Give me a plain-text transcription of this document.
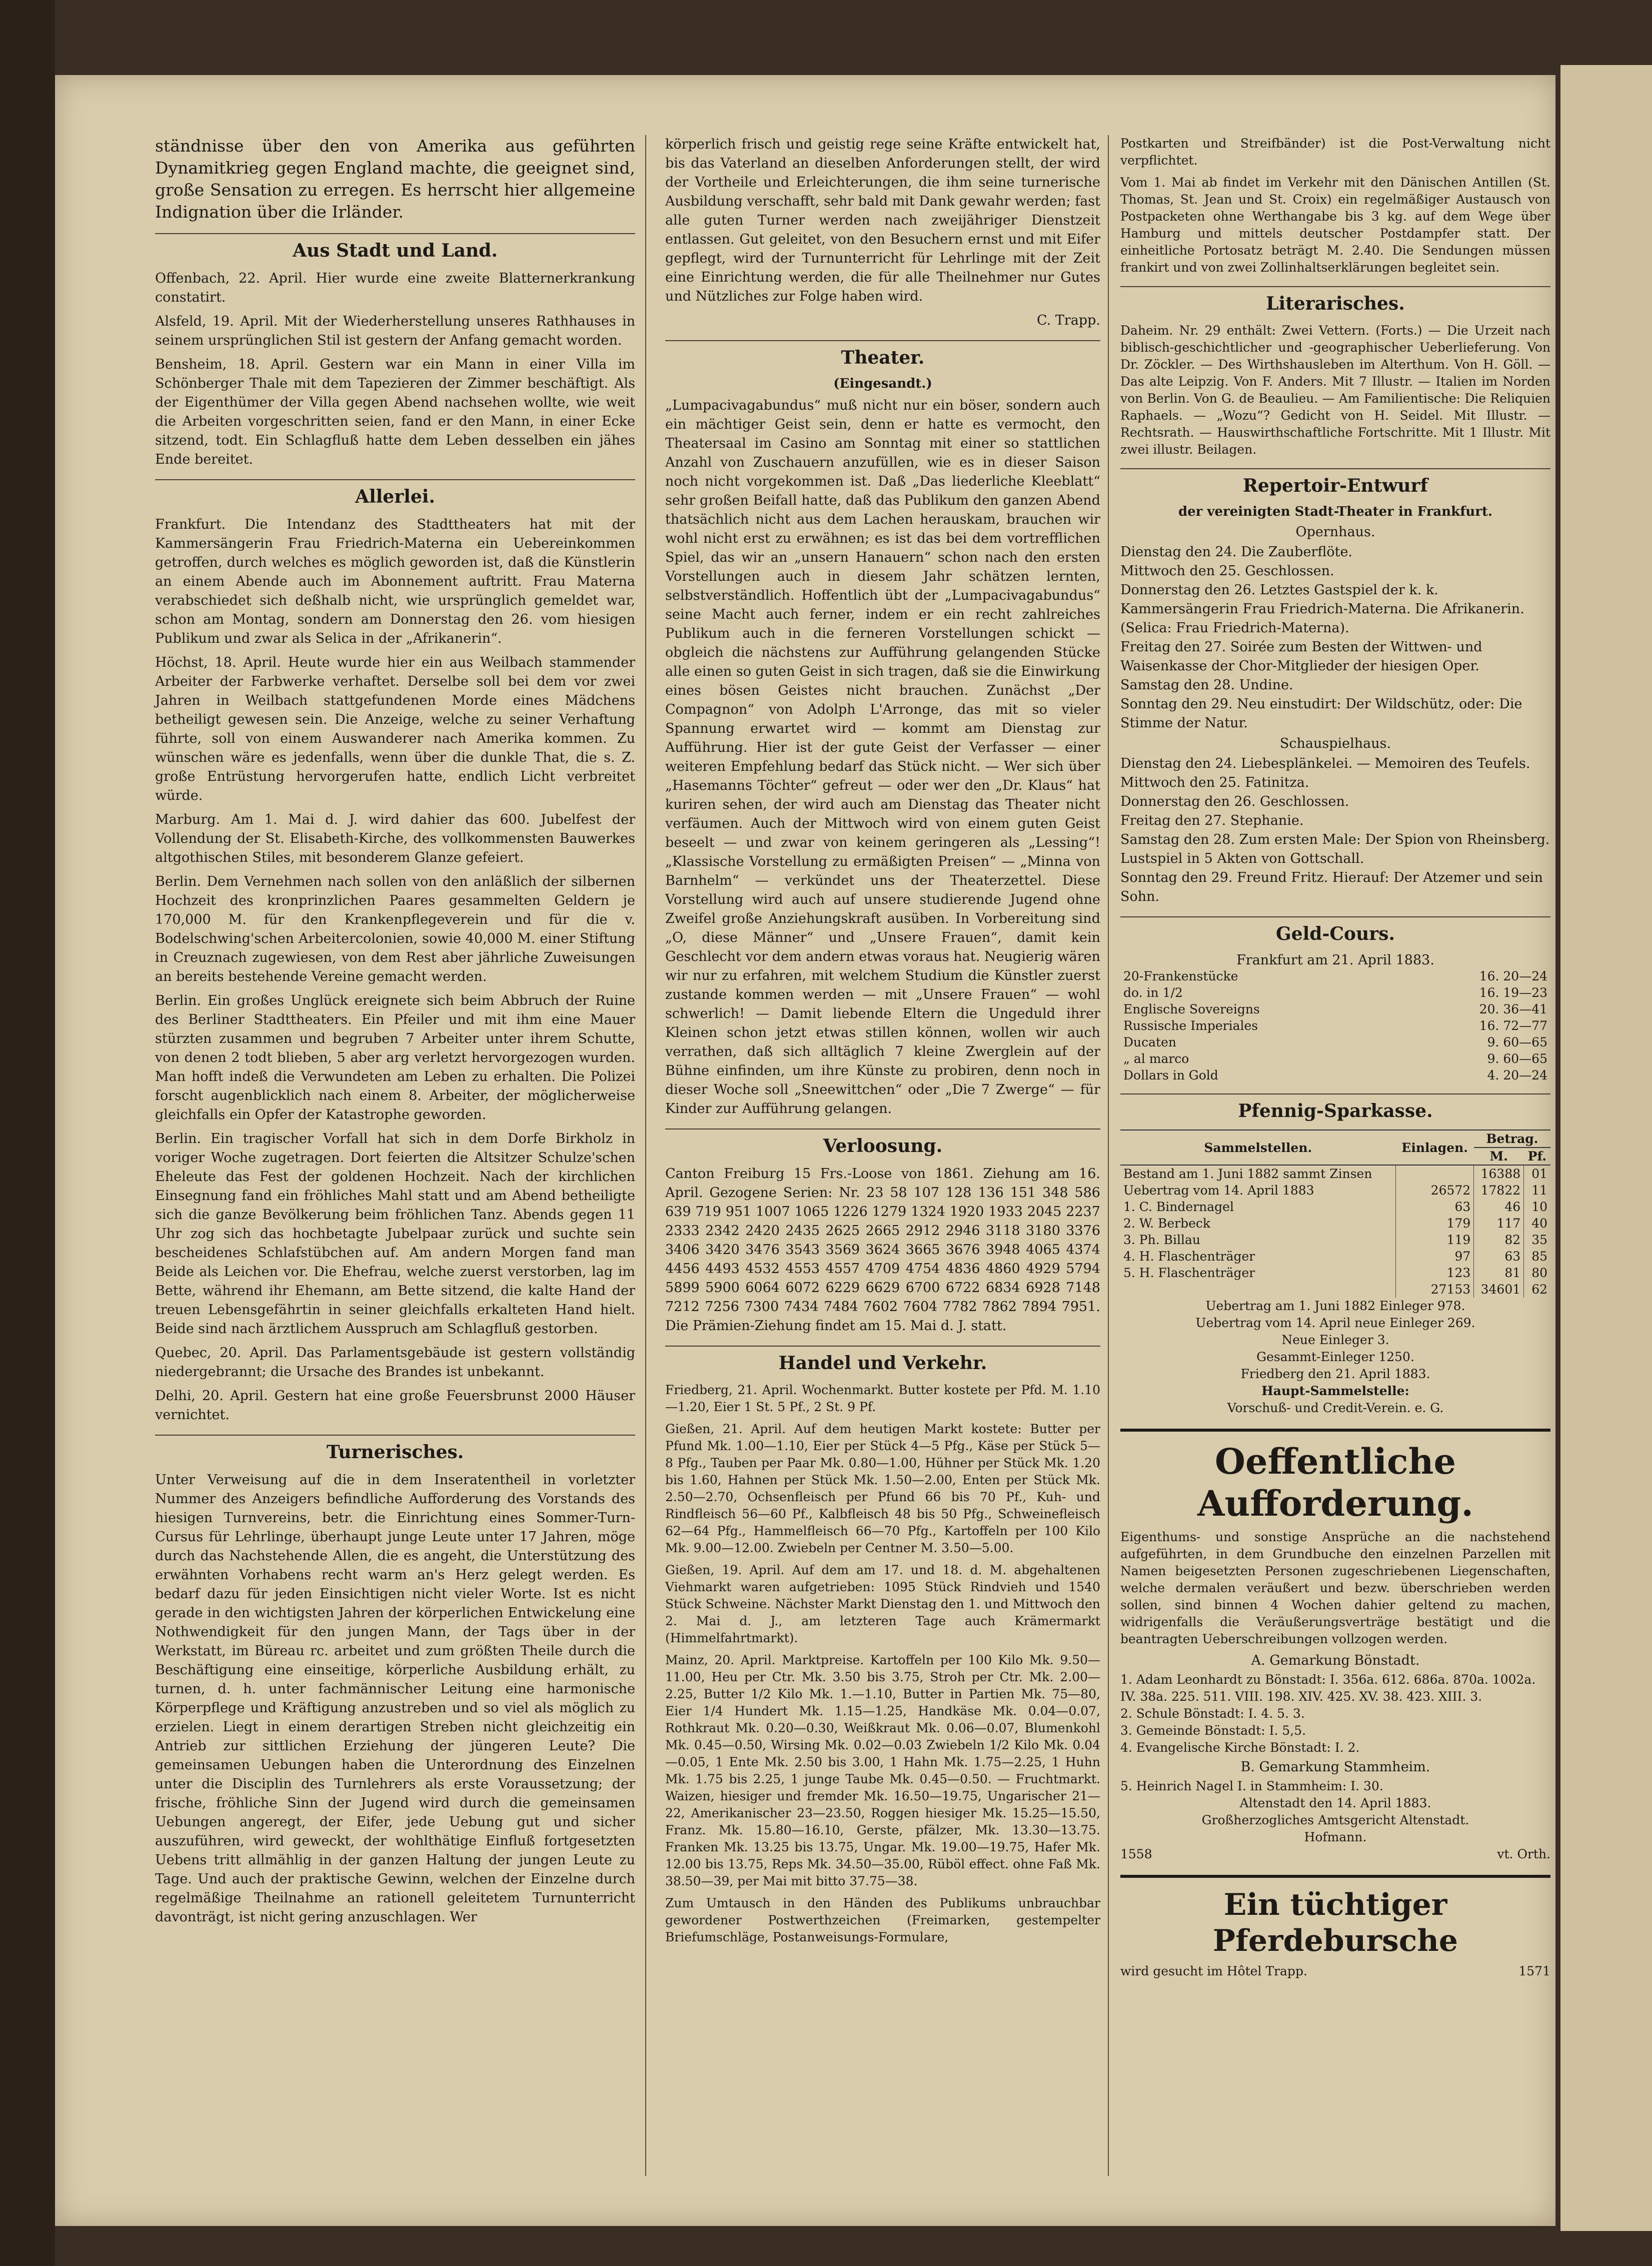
ständnisse über den von Amerika aus geführten Dynamitkrieg gegen England machte, die geeignet sind, große Sensation zu erregen. Es herrscht hier allgemeine Indignation über die Irländer.

Aus Stadt und Land.

Offenbach, 22. April. Hier wurde eine zweite Blatternerkrankung constatirt.

Alsfeld, 19. April. Mit der Wiederherstellung unseres Rathhauses in seinem ursprünglichen Stil ist gestern der Anfang gemacht worden.

Bensheim, 18. April. Gestern war ein Mann in einer Villa im Schönberger Thale mit dem Tapezieren der Zimmer beschäftigt. Als der Eigenthümer der Villa gegen Abend nachsehen wollte, wie weit die Arbeiten vorgeschritten seien, fand er den Mann, in einer Ecke sitzend, todt. Ein Schlagfluß hatte dem Leben desselben ein jähes Ende bereitet.

Allerlei.

Frankfurt. Die Intendanz des Stadttheaters hat mit der Kammersängerin Frau Friedrich-Materna ein Uebereinkommen getroffen, durch welches es möglich geworden ist, daß die Künstlerin an einem Abende auch im Abonnement auftritt. Frau Materna verabschiedet sich deßhalb nicht, wie ursprünglich gemeldet war, schon am Montag, sondern am Donnerstag den 26. vom hiesigen Publikum und zwar als Selica in der „Afrikanerin“.

Höchst, 18. April. Heute wurde hier ein aus Weilbach stammender Arbeiter der Farbwerke verhaftet. Derselbe soll bei dem vor zwei Jahren in Weilbach stattgefundenen Morde eines Mädchens betheiligt gewesen sein. Die Anzeige, welche zu seiner Verhaftung führte, soll von einem Auswanderer nach Amerika kommen. Zu wünschen wäre es jedenfalls, wenn über die dunkle That, die s. Z. große Entrüstung hervorgerufen hatte, endlich Licht verbreitet würde.

Marburg. Am 1. Mai d. J. wird dahier das 600. Jubelfest der Vollendung der St. Elisabeth-Kirche, des vollkommensten Bauwerkes altgothischen Stiles, mit besonderem Glanze gefeiert.

Berlin. Dem Vernehmen nach sollen von den anläßlich der silbernen Hochzeit des kronprinzlichen Paares gesammelten Geldern je 170,000 M. für den Krankenpflegeverein und für die v. Bodelschwing'schen Arbeitercolonien, sowie 40,000 M. einer Stiftung in Creuznach zugewiesen, von dem Rest aber jährliche Zuweisungen an bereits bestehende Vereine gemacht werden.

Berlin. Ein großes Unglück ereignete sich beim Abbruch der Ruine des Berliner Stadttheaters. Ein Pfeiler und mit ihm eine Mauer stürzten zusammen und begruben 7 Arbeiter unter ihrem Schutte, von denen 2 todt blieben, 5 aber arg verletzt hervorgezogen wurden. Man hofft indeß die Verwundeten am Leben zu erhalten. Die Polizei forscht augenblicklich nach einem 8. Arbeiter, der möglicherweise gleichfalls ein Opfer der Katastrophe geworden.

Berlin. Ein tragischer Vorfall hat sich in dem Dorfe Birkholz in voriger Woche zugetragen. Dort feierten die Altsitzer Schulze'schen Eheleute das Fest der goldenen Hochzeit. Nach der kirchlichen Einsegnung fand ein fröhliches Mahl statt und am Abend betheiligte sich die ganze Bevölkerung beim fröhlichen Tanz. Abends gegen 11 Uhr zog sich das hochbetagte Jubelpaar zurück und suchte sein bescheidenes Schlafstübchen auf. Am andern Morgen fand man Beide als Leichen vor. Die Ehefrau, welche zuerst verstorben, lag im Bette, während ihr Ehemann, am Bette sitzend, die kalte Hand der treuen Lebensgefährtin in seiner gleichfalls erkalteten Hand hielt. Beide sind nach ärztlichem Ausspruch am Schlagfluß gestorben.

Quebec, 20. April. Das Parlamentsgebäude ist gestern vollständig niedergebrannt; die Ursache des Brandes ist unbekannt.

Delhi, 20. April. Gestern hat eine große Feuersbrunst 2000 Häuser vernichtet.

Turnerisches.

Unter Verweisung auf die in dem Inseratentheil in vorletzter Nummer des Anzeigers befindliche Aufforderung des Vorstands des hiesigen Turnvereins, betr. die Einrichtung eines Sommer-Turn-Cursus für Lehrlinge, überhaupt junge Leute unter 17 Jahren, möge durch das Nachstehende Allen, die es angeht, die Unterstützung des erwähnten Vorhabens recht warm an's Herz gelegt werden. Es bedarf dazu für jeden Einsichtigen nicht vieler Worte. Ist es nicht gerade in den wichtigsten Jahren der körperlichen Entwickelung eine Nothwendigkeit für den jungen Mann, der Tags über in der Werkstatt, im Büreau rc. arbeitet und zum größten Theile durch die Beschäftigung eine einseitige, körperliche Ausbildung erhält, zu turnen, d. h. unter fachmännischer Leitung eine harmonische Körperpflege und Kräftigung anzustreben und so viel als möglich zu erzielen. Liegt in einem derartigen Streben nicht gleichzeitig ein Antrieb zur sittlichen Erziehung der jüngeren Leute? Die gemeinsamen Uebungen haben die Unterordnung des Einzelnen unter die Disciplin des Turnlehrers als erste Voraussetzung; der frische, fröhliche Sinn der Jugend wird durch die gemeinsamen Uebungen angeregt, der Eifer, jede Uebung gut und sicher auszuführen, wird geweckt, der wohlthätige Einfluß fortgesetzten Uebens tritt allmählig in der ganzen Haltung der jungen Leute zu Tage. Und auch der praktische Gewinn, welchen der Einzelne durch regelmäßige Theilnahme an rationell geleitetem Turnunterricht davonträgt, ist nicht gering anzuschlagen. Wer

körperlich frisch und geistig rege seine Kräfte entwickelt hat, bis das Vaterland an dieselben Anforderungen stellt, der wird der Vortheile und Erleichterungen, die ihm seine turnerische Ausbildung verschafft, sehr bald mit Dank gewahr werden; fast alle guten Turner werden nach zweijähriger Dienstzeit entlassen. Gut geleitet, von den Besuchern ernst und mit Eifer gepflegt, wird der Turnunterricht für Lehrlinge mit der Zeit eine Einrichtung werden, die für alle Theilnehmer nur Gutes und Nützliches zur Folge haben wird.

C. Trapp.

Theater.
(Eingesandt.)

„Lumpacivagabundus“ muß nicht nur ein böser, sondern auch ein mächtiger Geist sein, denn er hatte es vermocht, den Theatersaal im Casino am Sonntag mit einer so stattlichen Anzahl von Zuschauern anzufüllen, wie es in dieser Saison noch nicht vorgekommen ist. Daß „Das liederliche Kleeblatt“ sehr großen Beifall hatte, daß das Publikum den ganzen Abend thatsächlich nicht aus dem Lachen herauskam, brauchen wir wohl nicht erst zu erwähnen; es ist das bei dem vortrefflichen Spiel, das wir an „unsern Hanauern“ schon nach den ersten Vorstellungen auch in diesem Jahr schätzen lernten, selbstverständlich. Hoffentlich übt der „Lumpacivagabundus“ seine Macht auch ferner, indem er ein recht zahlreiches Publikum auch in die ferneren Vorstellungen schickt — obgleich die nächstens zur Aufführung gelangenden Stücke alle einen so guten Geist in sich tragen, daß sie die Einwirkung eines bösen Geistes nicht brauchen. Zunächst „Der Compagnon“ von Adolph L'Arronge, das mit so vieler Spannung erwartet wird — kommt am Dienstag zur Aufführung. Hier ist der gute Geist der Verfasser — einer weiteren Empfehlung bedarf das Stück nicht. — Wer sich über „Hasemanns Töchter“ gefreut — oder wer den „Dr. Klaus“ hat kuriren sehen, der wird auch am Dienstag das Theater nicht verfäumen. Auch der Mittwoch wird von einem guten Geist beseelt — und zwar von keinem geringeren als „Lessing“! „Klassische Vorstellung zu ermäßigten Preisen“ — „Minna von Barnhelm“ — verkündet uns der Theaterzettel. Diese Vorstellung wird auch auf unsere studierende Jugend ohne Zweifel große Anziehungskraft ausüben. In Vorbereitung sind „O, diese Männer“ und „Unsere Frauen“, damit kein Geschlecht vor dem andern etwas voraus hat. Neugierig wären wir nur zu erfahren, mit welchem Studium die Künstler zuerst zustande kommen werden — mit „Unsere Frauen“ — wohl schwerlich! — Damit liebende Eltern die Ungeduld ihrer Kleinen schon jetzt etwas stillen können, wollen wir auch verrathen, daß sich alltäglich 7 kleine Zwerglein auf der Bühne einfinden, um ihre Künste zu probiren, denn noch in dieser Woche soll „Sneewittchen“ oder „Die 7 Zwerge“ — für Kinder zur Aufführung gelangen.

Verloosung.

Canton Freiburg 15 Frs.-Loose von 1861. Ziehung am 16. April. Gezogene Serien: Nr. 23 58 107 128 136 151 348 586 639 719 951 1007 1065 1226 1279 1324 1920 1933 2045 2237 2333 2342 2420 2435 2625 2665 2912 2946 3118 3180 3376 3406 3420 3476 3543 3569 3624 3665 3676 3948 4065 4374 4456 4493 4532 4553 4557 4709 4754 4836 4860 4929 5794 5899 5900 6064 6072 6229 6629 6700 6722 6834 6928 7148 7212 7256 7300 7434 7484 7602 7604 7782 7862 7894 7951. Die Prämien-Ziehung findet am 15. Mai d. J. statt.

Handel und Verkehr.

Friedberg, 21. April. Wochenmarkt. Butter kostete per Pfd. M. 1.10—1.20, Eier 1 St. 5 Pf., 2 St. 9 Pf.

Gießen, 21. April. Auf dem heutigen Markt kostete: Butter per Pfund Mk. 1.00—1.10, Eier per Stück 4—5 Pfg., Käse per Stück 5—8 Pfg., Tauben per Paar Mk. 0.80—1.00, Hühner per Stück Mk. 1.20 bis 1.60, Hahnen per Stück Mk. 1.50—2.00, Enten per Stück Mk. 2.50—2.70, Ochsenfleisch per Pfund 66 bis 70 Pf., Kuh- und Rindfleisch 56—60 Pf., Kalbfleisch 48 bis 50 Pfg., Schweinefleisch 62—64 Pfg., Hammelfleisch 66—70 Pfg., Kartoffeln per 100 Kilo Mk. 9.00—12.00. Zwiebeln per Centner M. 3.50—5.00.

Gießen, 19. April. Auf dem am 17. und 18. d. M. abgehaltenen Viehmarkt waren aufgetrieben: 1095 Stück Rindvieh und 1540 Stück Schweine. Nächster Markt Dienstag den 1. und Mittwoch den 2. Mai d. J., am letzteren Tage auch Krämermarkt (Himmelfahrtmarkt).

Mainz, 20. April. Marktpreise. Kartoffeln per 100 Kilo Mk. 9.50—11.00, Heu per Ctr. Mk. 3.50 bis 3.75, Stroh per Ctr. Mk. 2.00—2.25, Butter 1/2 Kilo Mk. 1.—1.10, Butter in Partien Mk. 75—80, Eier 1/4 Hundert Mk. 1.15—1.25, Handkäse Mk. 0.04—0.07, Rothkraut Mk. 0.20—0.30, Weißkraut Mk. 0.06—0.07, Blumenkohl Mk. 0.45—0.50, Wirsing Mk. 0.02—0.03 Zwiebeln 1/2 Kilo Mk. 0.04—0.05, 1 Ente Mk. 2.50 bis 3.00, 1 Hahn Mk. 1.75—2.25, 1 Huhn Mk. 1.75 bis 2.25, 1 junge Taube Mk. 0.45—0.50. — Fruchtmarkt. Waizen, hiesiger und fremder Mk. 16.50—19.75, Ungarischer 21—22, Amerikanischer 23—23.50, Roggen hiesiger Mk. 15.25—15.50, Franz. Mk. 15.80—16.10, Gerste, pfälzer, Mk. 13.30—13.75. Franken Mk. 13.25 bis 13.75, Ungar. Mk. 19.00—19.75, Hafer Mk. 12.00 bis 13.75, Reps Mk. 34.50—35.00, Rüböl effect. ohne Faß Mk. 38.50—39, per Mai mit bitto 37.75—38.

Zum Umtausch in den Händen des Publikums unbrauchbar gewordener Postwerthzeichen (Freimarken, gestempelter Briefumschläge, Postanweisungs-Formulare,

Postkarten und Streifbänder) ist die Post-Verwaltung nicht verpflichtet.

Vom 1. Mai ab findet im Verkehr mit den Dänischen Antillen (St. Thomas, St. Jean und St. Croix) ein regelmäßiger Austausch von Postpacketen ohne Werthangabe bis 3 kg. auf dem Wege über Hamburg und mittels deutscher Postdampfer statt. Der einheitliche Portosatz beträgt M. 2.40. Die Sendungen müssen frankirt und von zwei Zollinhaltserklärungen begleitet sein.

Literarisches.

Daheim. Nr. 29 enthält: Zwei Vettern. (Forts.) — Die Urzeit nach biblisch-geschichtlicher und -geographischer Ueberlieferung. Von Dr. Zöckler. — Des Wirthshausleben im Alterthum. Von H. Göll. — Das alte Leipzig. Von F. Anders. Mit 7 Illustr. — Italien im Norden von Berlin. Von G. de Beaulieu. — Am Familientische: Die Reliquien Raphaels. — „Wozu“? Gedicht von H. Seidel. Mit Illustr. — Rechtsrath. — Hauswirthschaftliche Fortschritte. Mit 1 Illustr. Mit zwei illustr. Beilagen.

Repertoir-Entwurf
der vereinigten Stadt-Theater in Frankfurt.
Opernhaus.
Dienstag den 24. Die Zauberflöte.
Mittwoch den 25. Geschlossen.
Donnerstag den 26. Letztes Gastspiel der k. k. Kammersängerin Frau Friedrich-Materna. Die Afrikanerin. (Selica: Frau Friedrich-Materna).
Freitag den 27. Soirée zum Besten der Wittwen- und Waisenkasse der Chor-Mitglieder der hiesigen Oper.
Samstag den 28. Undine.
Sonntag den 29. Neu einstudirt: Der Wildschütz, oder: Die Stimme der Natur.
Schauspielhaus.
Dienstag den 24. Liebesplänkelei. — Memoiren des Teufels.
Mittwoch den 25. Fatinitza.
Donnerstag den 26. Geschlossen.
Freitag den 27. Stephanie.
Samstag den 28. Zum ersten Male: Der Spion von Rheinsberg. Lustspiel in 5 Akten von Gottschall.
Sonntag den 29. Freund Fritz. Hierauf: Der Atzemer und sein Sohn.
Geld-Cours.
Frankfurt am 21. April 1883.
20-Frankenstücke	16. 20—24
do. in 1/2	16. 19—23
Englische Sovereigns	20. 36—41
Russische Imperiales	16. 72—77
Ducaten	9. 60—65
„ al marco	9. 60—65
Dollars in Gold	4. 20—24
Pfennig-Sparkasse.
Sammelstellen.	Einlagen.	Betrag.	
		M.	Pf.
Bestand am 1. Juni 1882 sammt Zinsen		16388	01
Uebertrag vom 14. April 1883	26572	17822	11
1. C. Bindernagel	63	46	10
2. W. Berbeck	179	117	40
3. Ph. Billau	119	82	35
4. H. Flaschenträger	97	63	85
5. H. Flaschenträger	123	81	80
	27153	34601	62
Uebertrag am 1. Juni 1882 Einleger 978.
Uebertrag vom 14. April neue Einleger 269.
Neue Einleger 3.
Gesammt-Einleger 1250.
Friedberg den 21. April 1883.
Haupt-Sammelstelle:
Vorschuß- und Credit-Verein. e. G.
Oeffentliche Aufforderung.

Eigenthums- und sonstige Ansprüche an die nachstehend aufgeführten, in dem Grundbuche den einzelnen Parzellen mit Namen beigesetzten Personen zugeschriebenen Liegenschaften, welche dermalen veräußert und bezw. überschrieben werden sollen, sind binnen 4 Wochen dahier geltend zu machen, widrigenfalls die Veräußerungsverträge bestätigt und die beantragten Ueberschreibungen vollzogen werden.

A. Gemarkung Bönstadt.
1. Adam Leonhardt zu Bönstadt: I. 356a. 612. 686a. 870a. 1002a. IV. 38a. 225. 511. VIII. 198. XIV. 425. XV. 38. 423. XIII. 3.
2. Schule Bönstadt: I. 4. 5. 3.
3. Gemeinde Bönstadt: I. 5,5.
4. Evangelische Kirche Bönstadt: I. 2.
B. Gemarkung Stammheim.
5. Heinrich Nagel I. in Stammheim: I. 30.
Altenstadt den 14. April 1883.
Großherzogliches Amtsgericht Altenstadt.
Hofmann.
1558	vt. Orth.
Ein tüchtiger Pferdebursche
wird gesucht im Hôtel Trapp.	1571
